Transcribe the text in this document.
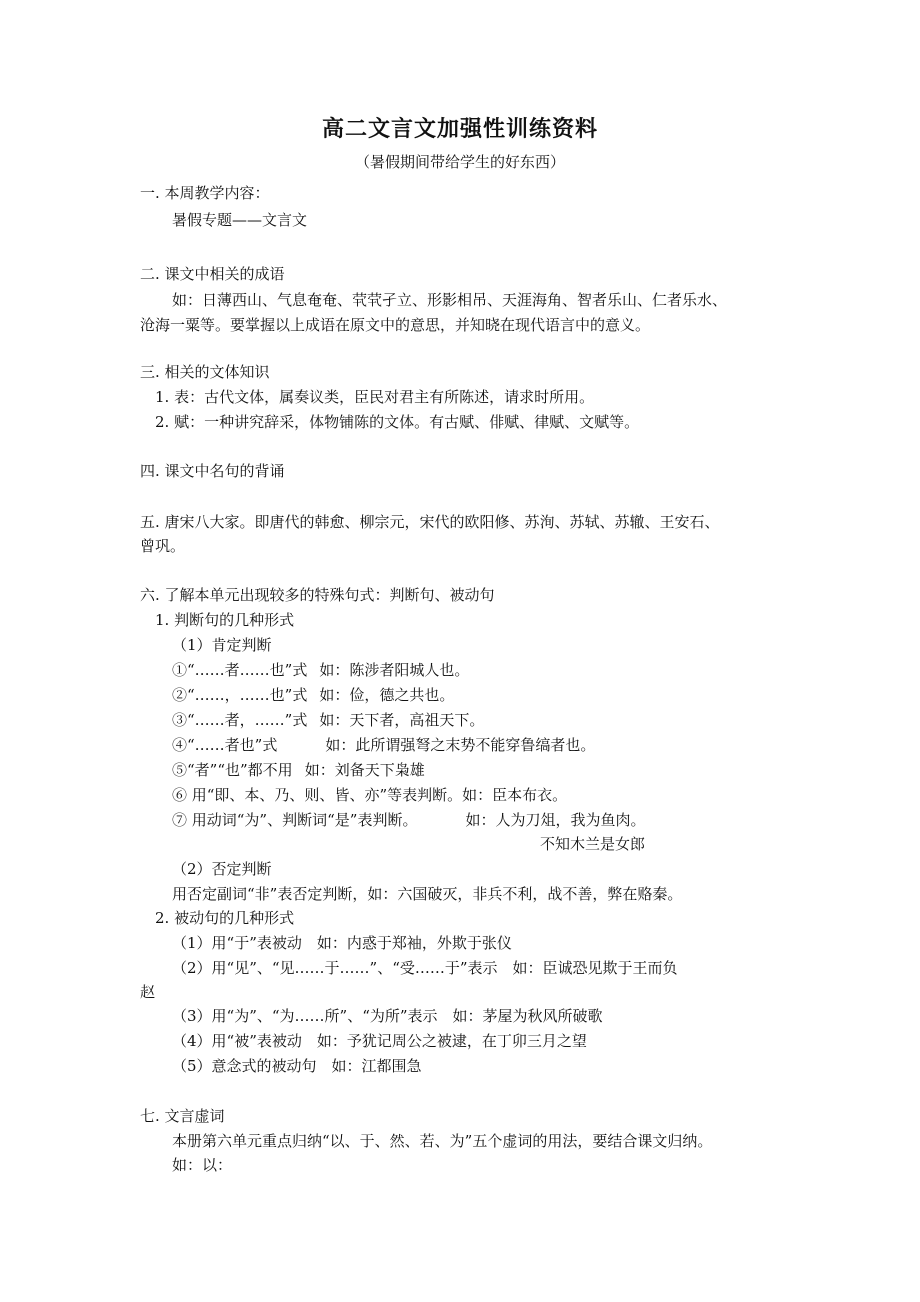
高二文言文加强性训练资料
（暑假期间带给学生的好东西）
一. 本周教学内容：
暑假专题——文言文
二. 课文中相关的成语
如：日薄西山、气息奄奄、茕茕孑立、形影相吊、天涯海角、智者乐山、仁者乐水、
沧海一粟等。要掌握以上成语在原文中的意思，并知晓在现代语言中的意义。
三. 相关的文体知识
1. 表：古代文体，属奏议类，臣民对君主有所陈述，请求时所用。
2. 赋：一种讲究辞采，体物铺陈的文体。有古赋、俳赋、律赋、文赋等。
四. 课文中名句的背诵
五. 唐宋八大家。即唐代的韩愈、柳宗元，宋代的欧阳修、苏洵、苏轼、苏辙、王安石、
曾巩。
六. 了解本单元出现较多的特殊句式：判断句、被动句
1. 判断句的几种形式
（1）肯定判断
①“……者……也”式 如：陈涉者阳城人也。
②“……，……也”式 如：俭，德之共也。
③“……者，……”式 如：天下者，高祖天下。
④“……者也”式	如：此所谓强弩之末势不能穿鲁缟者也。
⑤“者”“也”都不用 如：刘备天下枭雄
⑥ 用“即、本、乃、则、皆、亦”等表判断。如：臣本布衣。
⑦ 用动词“为”、判断词“是”表判断。	如：人为刀俎，我为鱼肉。
不知木兰是女郎
（2）否定判断
用否定副词“非”表否定判断，如：六国破灭，非兵不利，战不善，弊在赂秦。
2. 被动句的几种形式
（1）用“于”表被动　如：内惑于郑袖，外欺于张仪
（2）用“见”、“见……于……”、“受……于”表示　如：臣诚恐见欺于王而负
赵
（3）用“为”、“为……所”、“为所”表示　如：茅屋为秋风所破歌
（4）用“被”表被动　如：予犹记周公之被逮，在丁卯三月之望
（5）意念式的被动句　如：江都围急
七. 文言虚词
本册第六单元重点归纳“以、于、然、若、为”五个虚词的用法，要结合课文归纳。
如：以：
